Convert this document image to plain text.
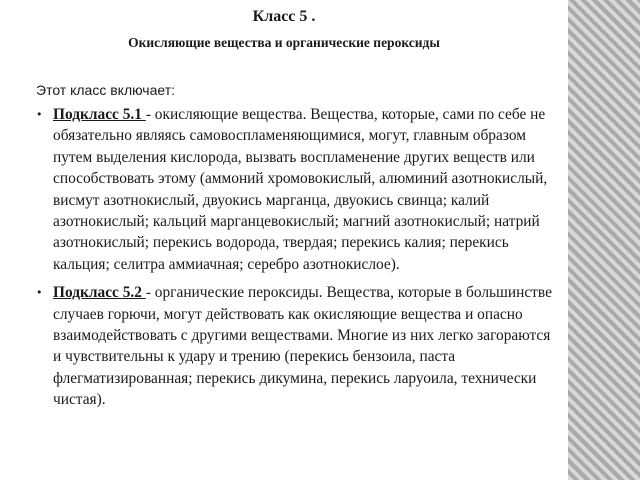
Класс 5 .
Окисляющие вещества и органические пероксиды
Этот класс включает:
• Подкласс 5.1 - окисляющие вещества. Вещества, которые, сами по себе не обязательно являясь самовоспламеняющимися, могут, главным образом путем выделения кислорода, вызвать воспламенение других веществ или способствовать этому (аммоний хромовокислый, алюминий азотнокислый, висмут азотнокислый, двуокись марганца, двуокись свинца; калий азотнокислый; кальций марганцевокислый; магний азотнокислый; натрий азотнокислый; перекись водорода, твердая; перекись калия; перекись кальция; селитра аммиачная; серебро азотнокислое).
• Подкласс 5.2 - органические пероксиды. Вещества, которые в большинстве случаев горючи, могут действовать как окисляющие вещества и опасно взаимодействовать с другими веществами. Многие из них легко загораются и чувствительны к удару и трению (перекись бензоила, паста флегматизированная; перекись дикумина, перекись ларуоила, технически чистая).
